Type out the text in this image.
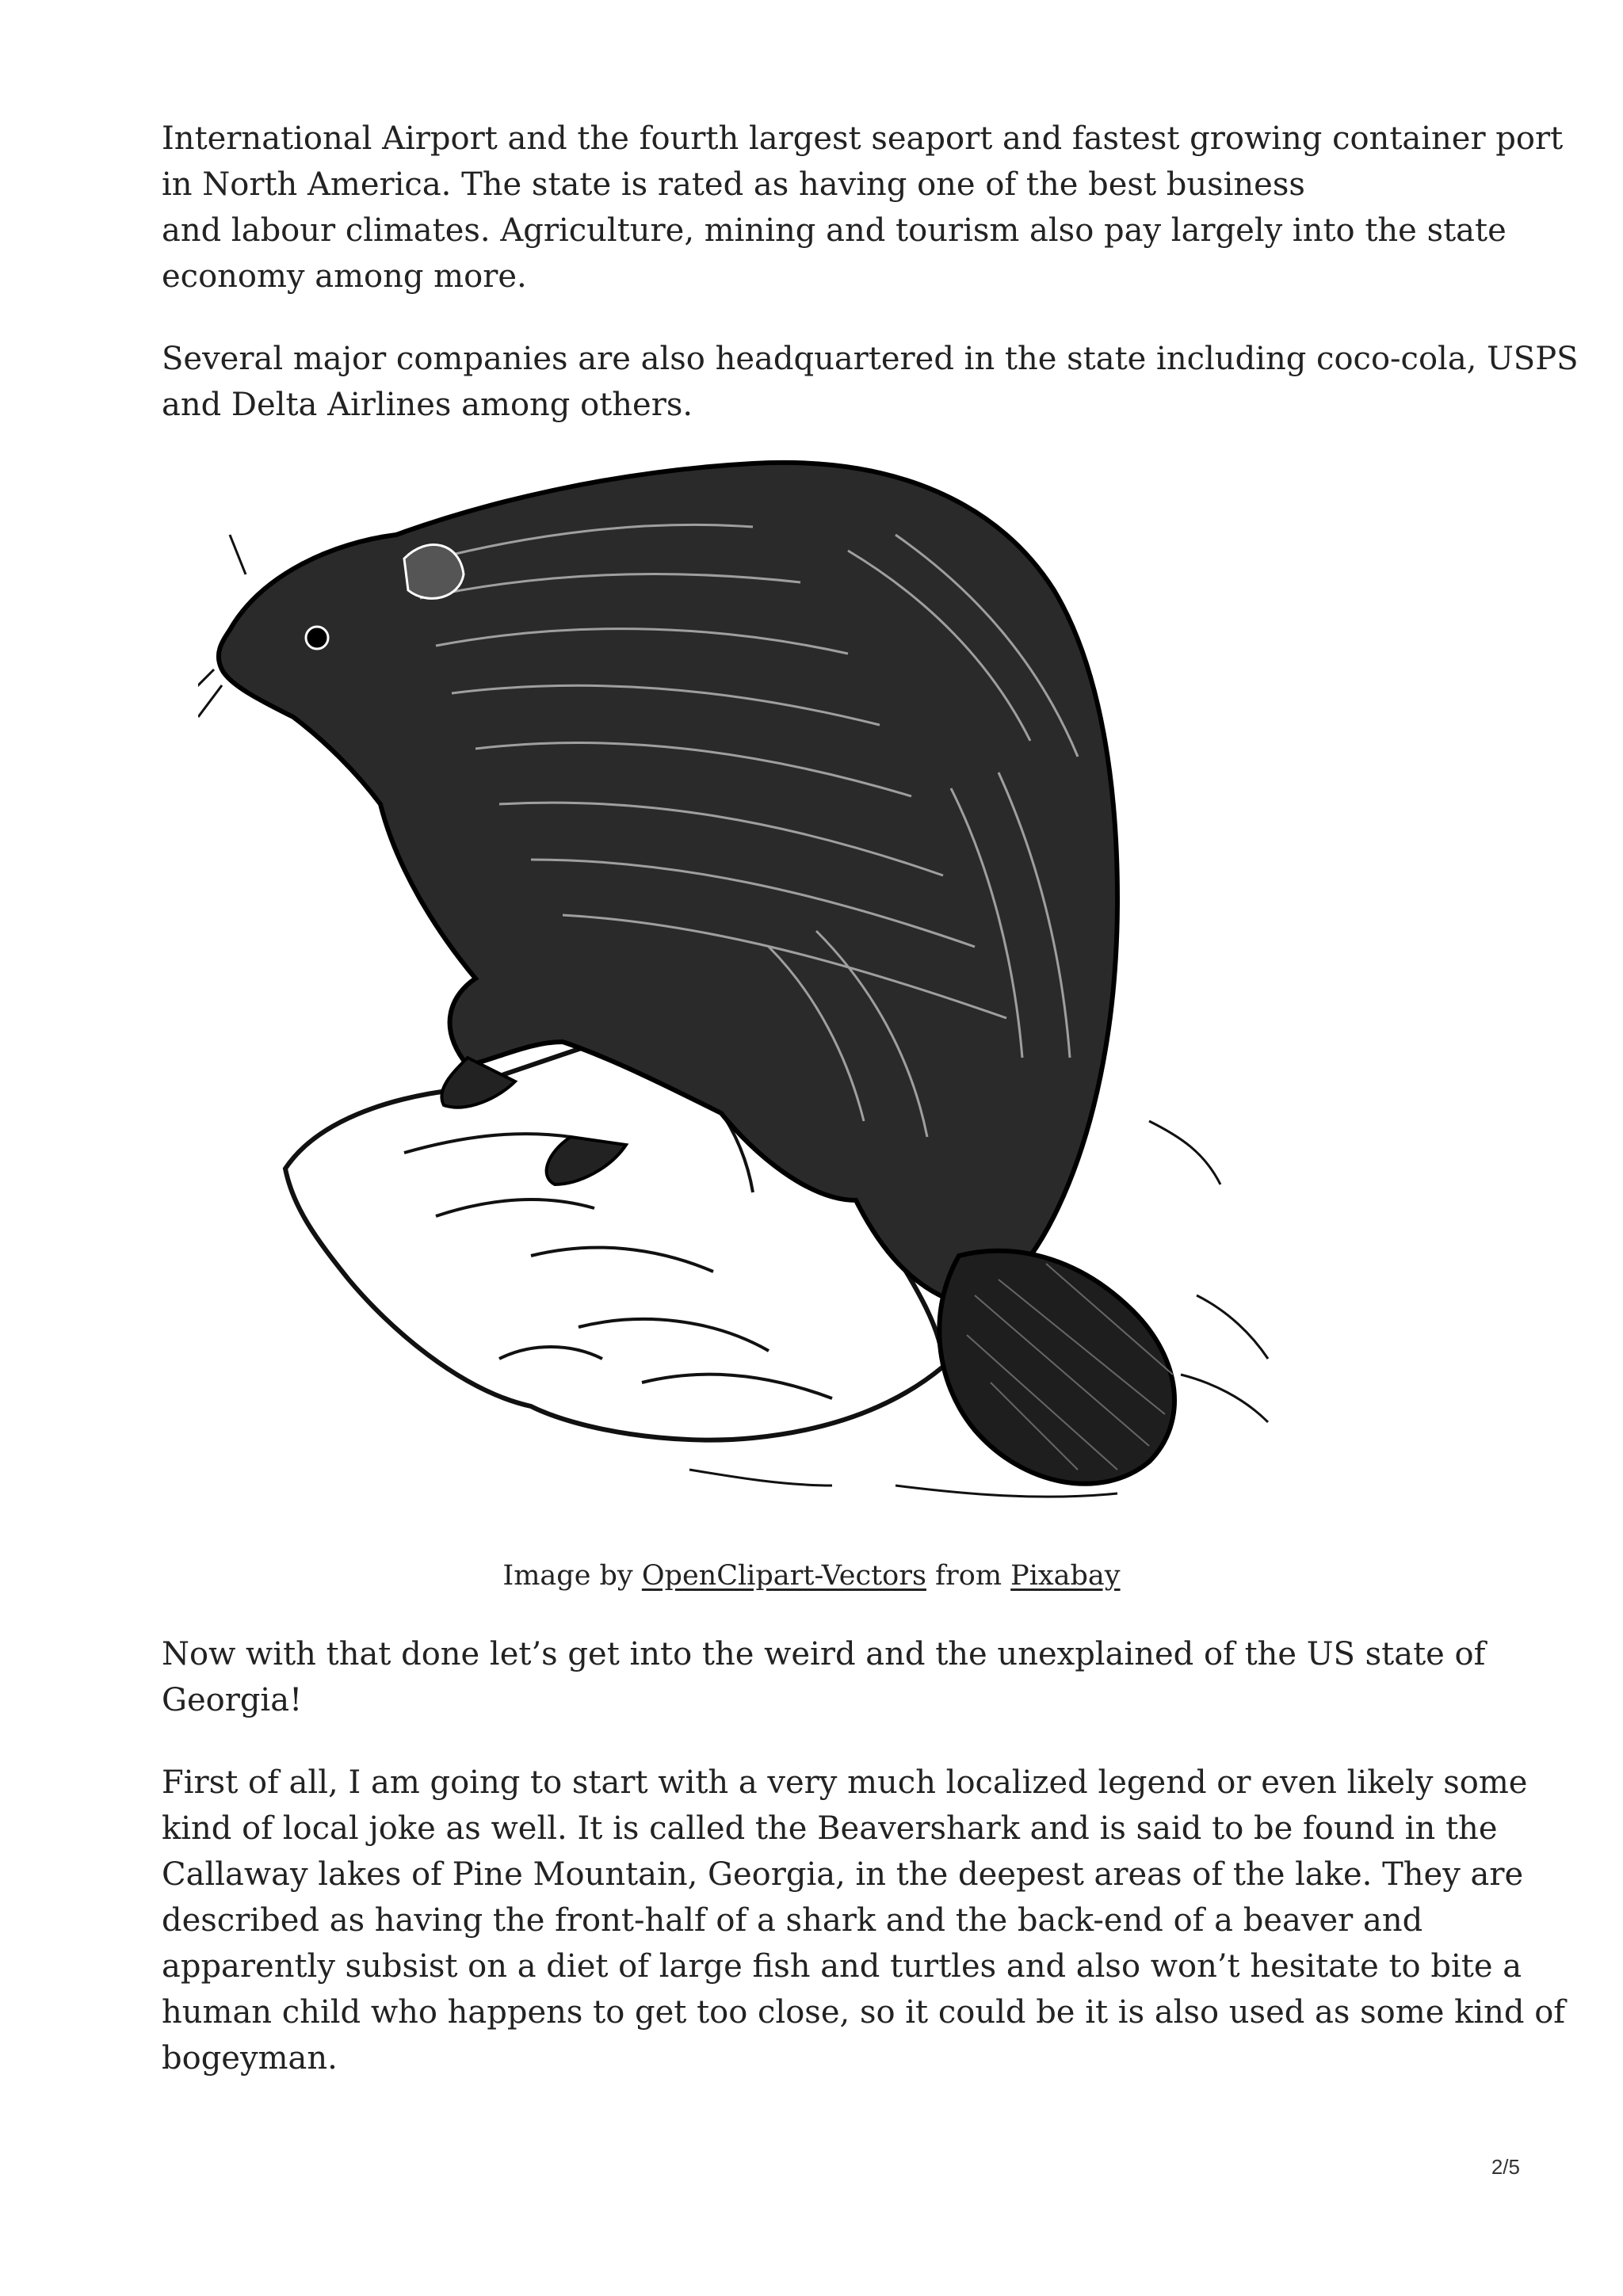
International Airport and the fourth largest seaport and fastest growing container port
in North America. The state is rated as having one of the best business
and labour climates. Agriculture, mining and tourism also pay largely into the state
economy among more.

Several major companies are also headquartered in the state including coco-cola, USPS
and Delta Airlines among others.

Image by OpenClipart-Vectors from Pixabay

Now with that done let’s get into the weird and the unexplained of the US state of
Georgia!

First of all, I am going to start with a very much localized legend or even likely some
kind of local joke as well. It is called the Beavershark and is said to be found in the
Callaway lakes of Pine Mountain, Georgia, in the deepest areas of the lake. They are
described as having the front-half of a shark and the back-end of a beaver and
apparently subsist on a diet of large fish and turtles and also won’t hesitate to bite a
human child who happens to get too close, so it could be it is also used as some kind of
bogeyman.

2/5
